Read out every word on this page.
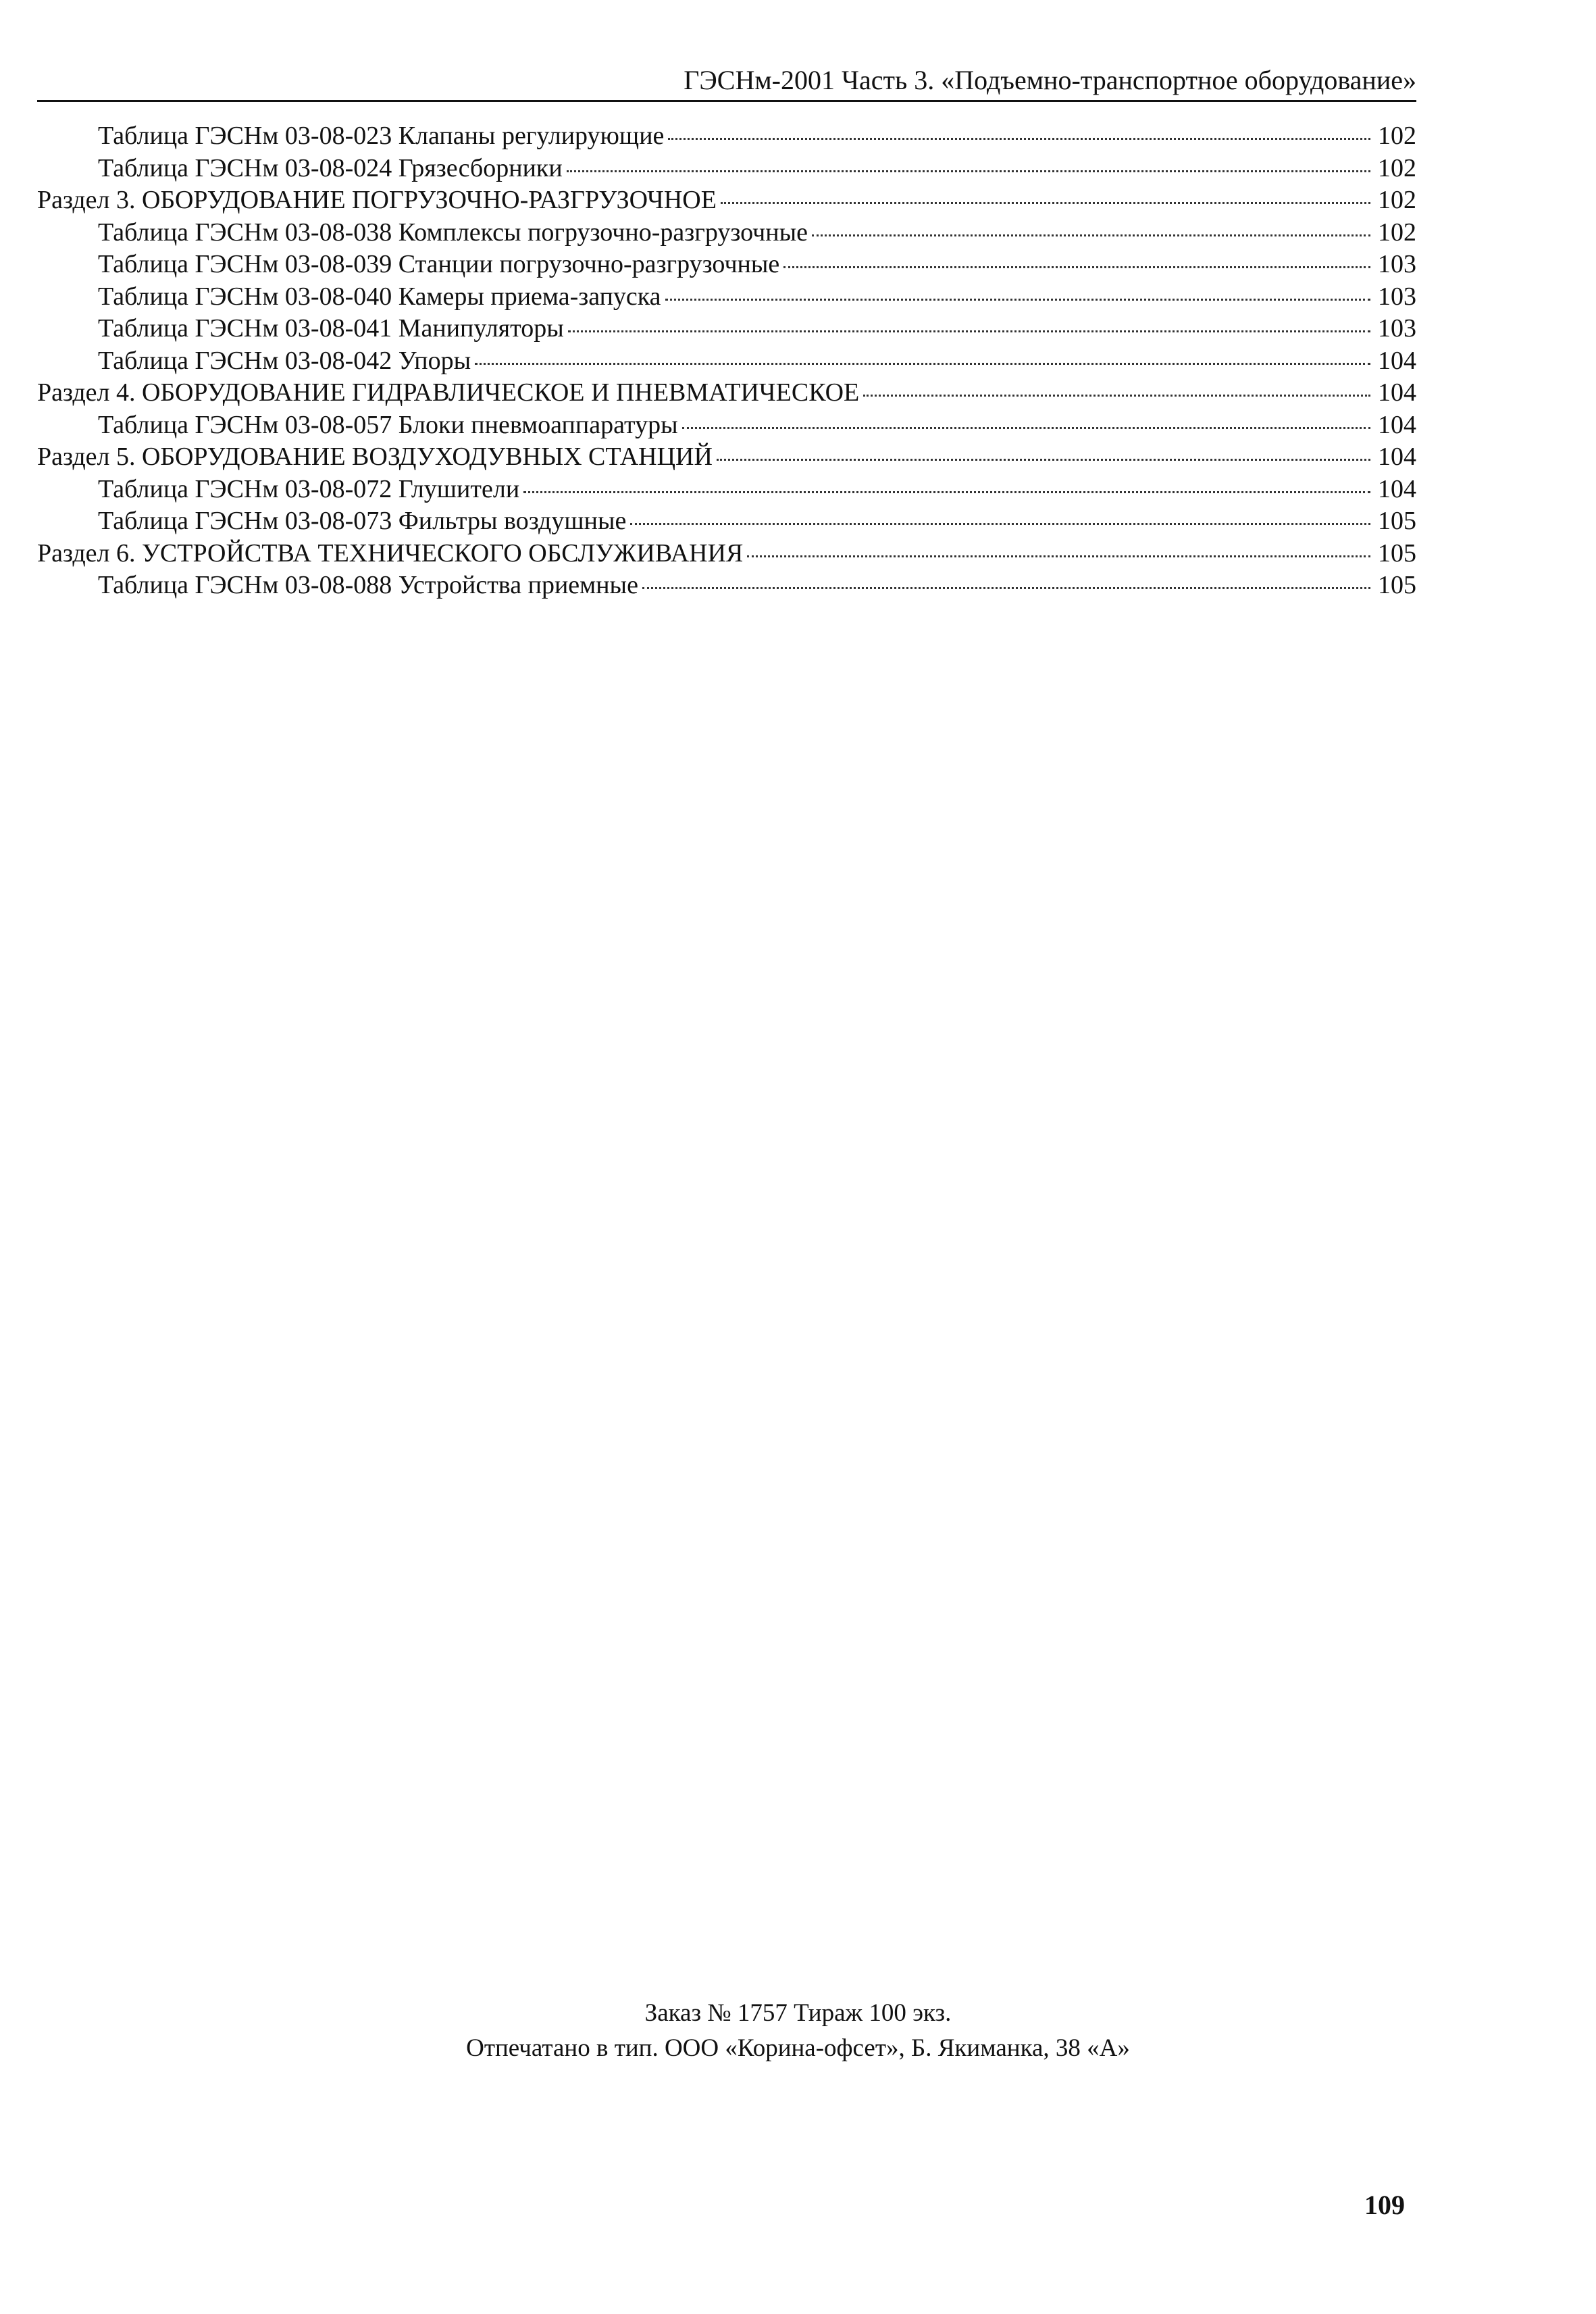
ГЭСНм-2001 Часть 3. «Подъемно-транспортное оборудование»
Таблица ГЭСНм 03-08-023 Клапаны регулирующие	102
Таблица ГЭСНм 03-08-024 Грязесборники	102
Раздел 3. ОБОРУДОВАНИЕ ПОГРУЗОЧНО-РАЗГРУЗОЧНОЕ	102
Таблица ГЭСНм 03-08-038 Комплексы погрузочно-разгрузочные	102
Таблица ГЭСНм 03-08-039 Станции погрузочно-разгрузочные	103
Таблица ГЭСНм 03-08-040 Камеры приема-запуска	103
Таблица ГЭСНм 03-08-041 Манипуляторы	103
Таблица ГЭСНм 03-08-042 Упоры	104
Раздел 4. ОБОРУДОВАНИЕ ГИДРАВЛИЧЕСКОЕ И ПНЕВМАТИЧЕСКОЕ	104
Таблица ГЭСНм 03-08-057 Блоки пневмоаппаратуры	104
Раздел 5. ОБОРУДОВАНИЕ ВОЗДУХОДУВНЫХ СТАНЦИЙ	104
Таблица ГЭСНм 03-08-072 Глушители	104
Таблица ГЭСНм 03-08-073 Фильтры воздушные	105
Раздел 6. УСТРОЙСТВА ТЕХНИЧЕСКОГО ОБСЛУЖИВАНИЯ	105
Таблица ГЭСНм 03-08-088 Устройства приемные	105
Заказ № 1757 Тираж 100 экз.
Отпечатано в тип. ООО «Корина-офсет», Б. Якиманка, 38 «А»
109
